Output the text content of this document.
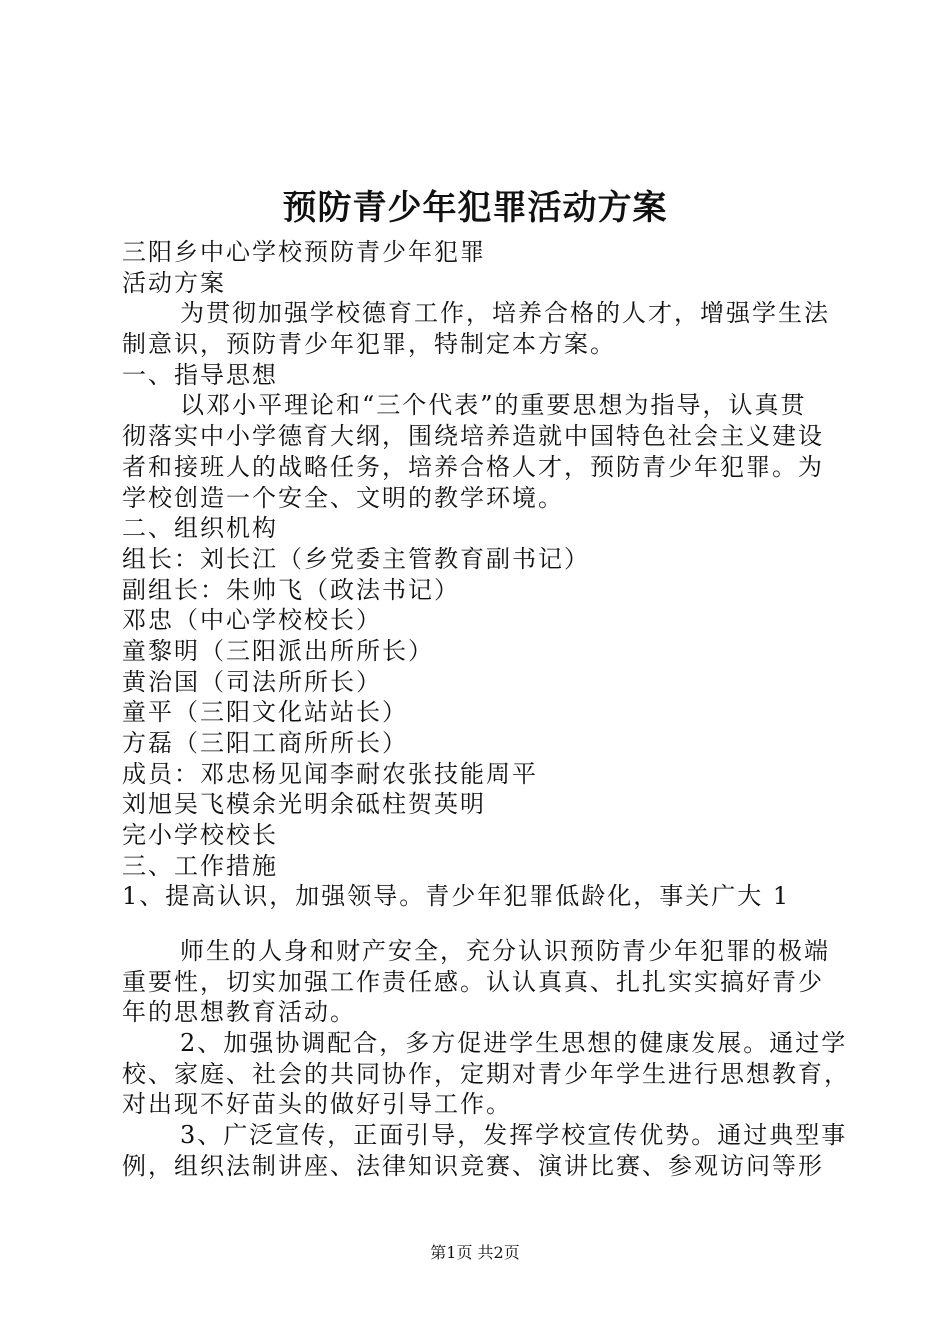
预防青少年犯罪活动方案
三阳乡中心学校预防青少年犯罪
活动方案
为贯彻加强学校德育工作，培养合格的人才，增强学生法
制意识，预防青少年犯罪，特制定本方案。
一、指导思想
以邓小平理论和“三个代表”的重要思想为指导，认真贯
彻落实中小学德育大纲，围绕培养造就中国特色社会主义建设
者和接班人的战略任务，培养合格人才，预防青少年犯罪。为
学校创造一个安全、文明的教学环境。
二、组织机构
组长：刘长江（乡党委主管教育副书记）
副组长：朱帅飞（政法书记）
邓忠（中心学校校长）
童黎明（三阳派出所所长）
黄治国（司法所所长）
童平（三阳文化站站长）
方磊（三阳工商所所长）
成员：邓忠杨见闻李耐农张技能周平
刘旭吴飞模余光明余砥柱贺英明
完小学校校长
三、工作措施
1、提高认识，加强领导。青少年犯罪低龄化，事关广大 1
师生的人身和财产安全，充分认识预防青少年犯罪的极端
重要性，切实加强工作责任感。认认真真、扎扎实实搞好青少
年的思想教育活动。
2、加强协调配合，多方促进学生思想的健康发展。通过学
校、家庭、社会的共同协作，定期对青少年学生进行思想教育，
对出现不好苗头的做好引导工作。
3、广泛宣传，正面引导，发挥学校宣传优势。通过典型事
例，组织法制讲座、法律知识竞赛、演讲比赛、参观访问等形
第1页 共2页
